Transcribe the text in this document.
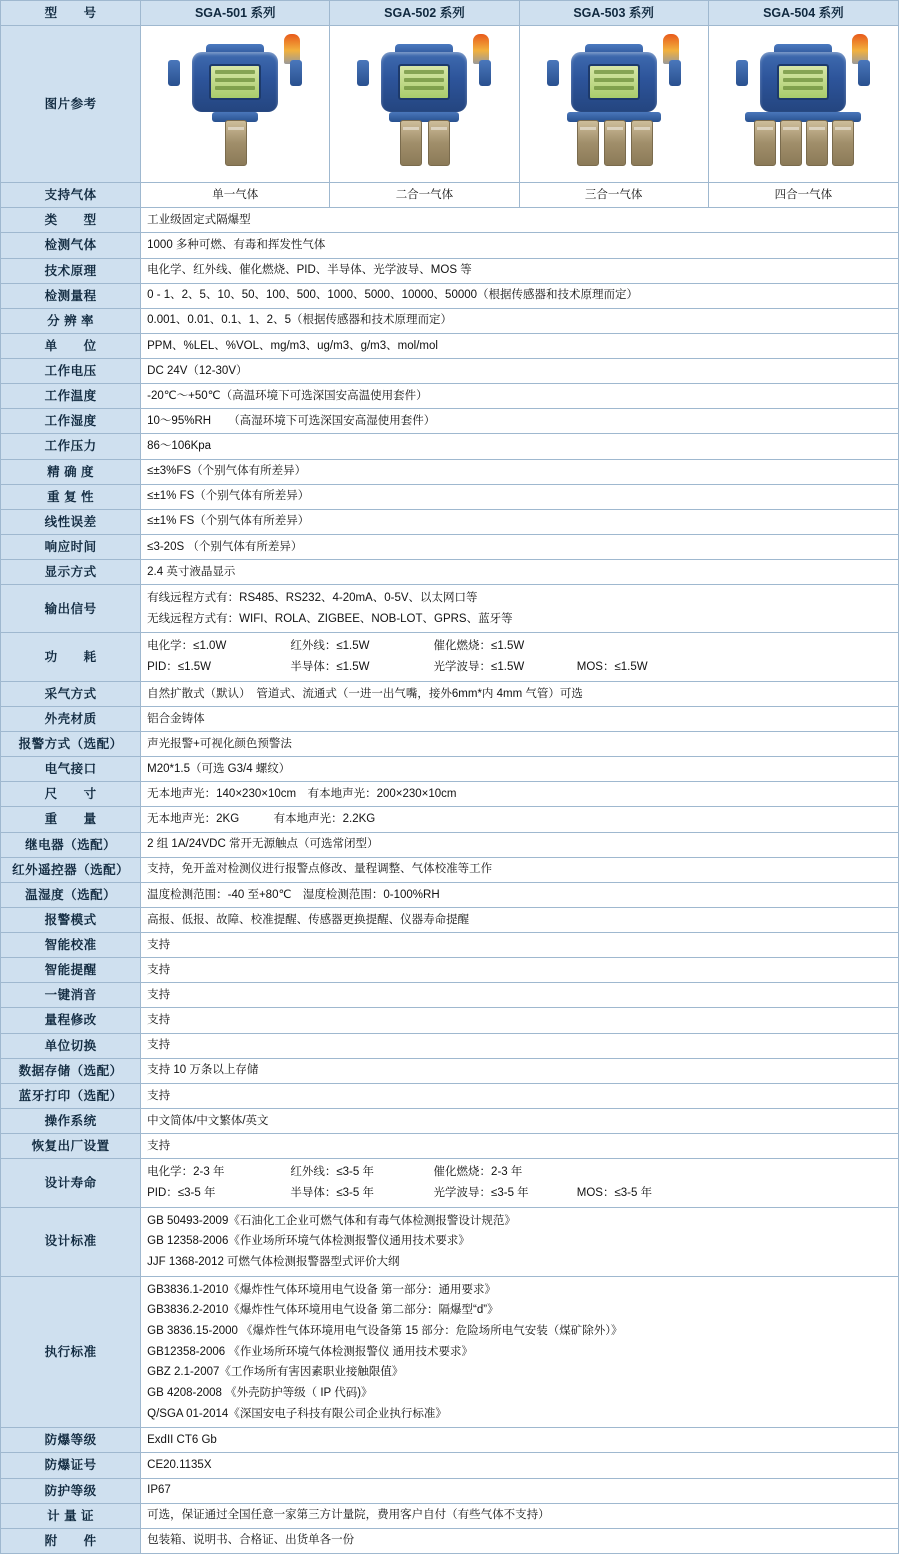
型　　号	SGA-501 系列	SGA-502 系列	SGA-503 系列	SGA-504 系列
图片参考	

支持气体	单一气体	二合一气体	三合一气体	四合一气体
类　　型	工业级固定式隔爆型			
检测气体	1000 多种可燃、有毒和挥发性气体			
技术原理	电化学、红外线、催化燃烧、PID、半导体、光学波导、MOS 等			
检测量程	0 - 1、2、5、10、50、100、500、1000、5000、10000、50000（根据传感器和技术原理而定）			
分 辨 率	0.001、0.01、0.1、1、2、5（根据传感器和技术原理而定）			
单　　位	PPM、%LEL、%VOL、mg/m3、ug/m3、g/m3、mol/mol			
工作电压	DC 24V（12-30V）			
工作温度	-20℃～+50℃（高温环境下可选深国安高温使用套件）			
工作湿度	10～95%RH　　（高湿环境下可选深国安高湿使用套件）			
工作压力	86～106Kpa			
精 确 度	≤±3%FS（个别气体有所差异）			
重 复 性	≤±1% FS（个别气体有所差异）			
线性误差	≤±1% FS（个别气体有所差异）			
响应时间	≤3-20S （个别气体有所差异）			
显示方式	2.4 英寸液晶显示			
输出信号	有线远程方式有：RS485、RS232、4-20mA、0-5V、以太网口等
无线远程方式有：WIFI、ROLA、ZIGBEE、NOB-LOT、GPRS、蓝牙等			

功　　耗	电化学：≤1.0W 红外线：≤1.5W 催化燃烧：≤1.5W
PID：≤1.5W 半导体：≤1.5W 光学波导：≤1.5W MOS：≤1.5W			

采气方式	自然扩散式（默认）　管道式、流通式（一进一出气嘴，接外6mm*内 4mm 气管）可选			
外壳材质	铝合金铸体			
报警方式（选配）	声光报警+可视化颜色预警法			
电气接口	M20*1.5（可选 G3/4 螺纹）			
尺　　寸	无本地声光：140×230×10cm　有本地声光：200×230×10cm			
重　　量	无本地声光：2KG　　　有本地声光：2.2KG			
继电器（选配）	2 组 1A/24VDC 常开无源触点（可选常闭型）			
红外遥控器（选配）	支持，免开盖对检测仪进行报警点修改、量程调整、气体校准等工作			
温湿度（选配）	温度检测范围：-40 至+80℃　湿度检测范围：0-100%RH			
报警模式	高报、低报、故障、校准提醒、传感器更换提醒、仪器寿命提醒			
智能校准	支持			
智能提醒	支持			
一键消音	支持			
量程修改	支持			
单位切换	支持			
数据存储（选配）	支持 10 万条以上存储			
蓝牙打印（选配）	支持			
操作系统	中文简体/中文繁体/英文			
恢复出厂设置	支持			
设计寿命	电化学：2-3 年 红外线：≤3-5 年 催化燃烧：2-3 年
PID：≤3-5 年 半导体：≤3-5 年 光学波导：≤3-5 年 MOS：≤3-5 年			

设计标准	GB 50493-2009《石油化工企业可燃气体和有毒气体检测报警设计规范》
GB 12358-2006《作业场所环境气体检测报警仪通用技术要求》
JJF 1368-2012 可燃气体检测报警器型式评价大纲			

执行标准	
GB3836.1-2010《爆炸性气体环境用电气设备 第一部分：通用要求》
GB3836.2-2010《爆炸性气体环境用电气设备 第二部分：隔爆型“d”》
GB 3836.15-2000 《爆炸性气体环境用电气设备第 15 部分：危险场所电气安装（煤矿除外）》
GB12358-2006 《作业场所环境气体检测报警仪 通用技术要求》
GBZ 2.1-2007《工作场所有害因素职业接触限值》
GB 4208-2008 《外壳防护等级（ IP 代码)》
Q/SGA 01-2014《深国安电子科技有限公司企业执行标准》

防爆等级	ExdII CT6 Gb			
防爆证号	CE20.1135X			
防护等级	IP67			
计 量 证	可选，保证通过全国任意一家第三方计量院，费用客户自付（有些气体不支持）			
附　　件	包装箱、说明书、合格证、出货单各一份			
